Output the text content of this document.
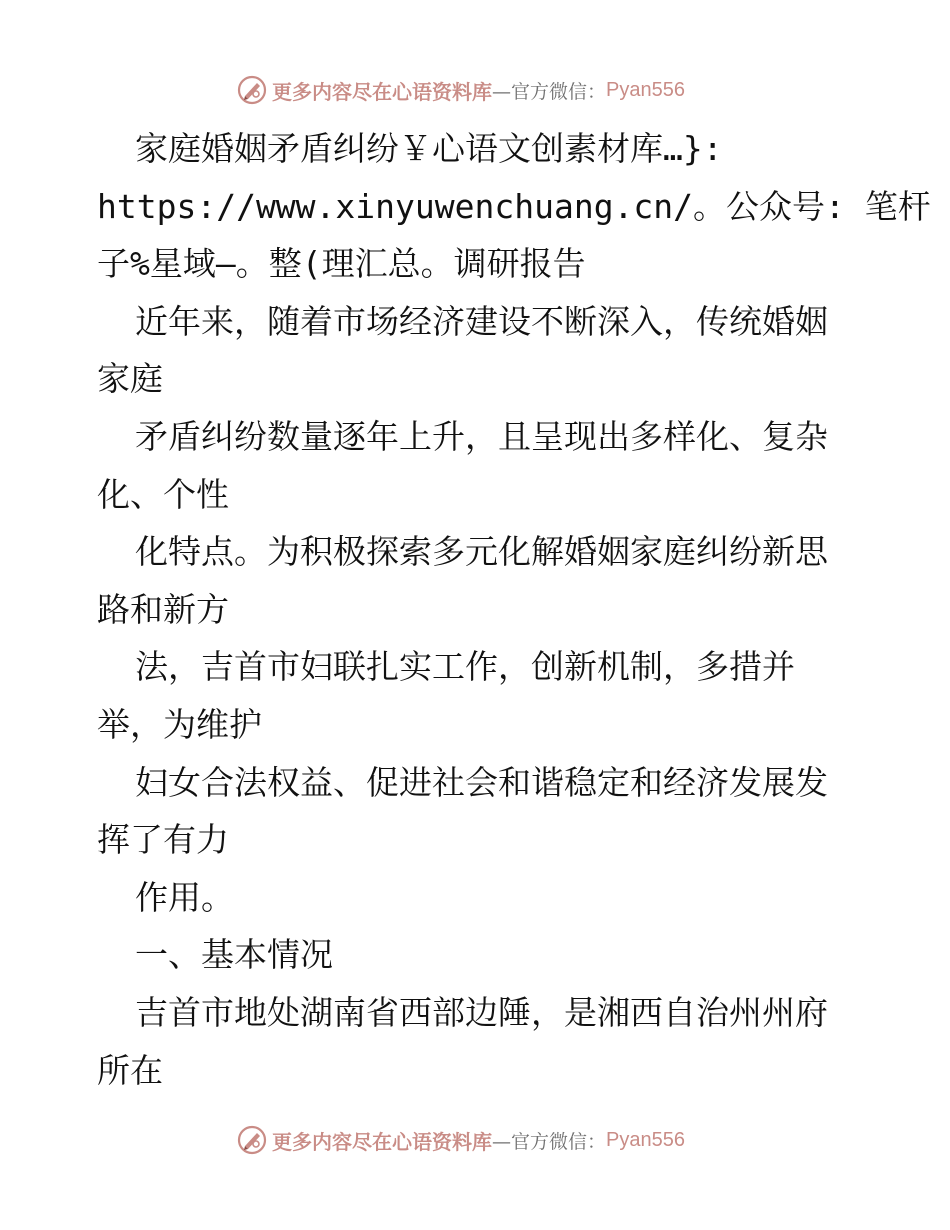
更多内容尽在心语资料库 —官方微信： Pyan556
家庭婚姻矛盾纠纷￥心语文创素材库…}:
https://www.xinyuwenchuang.cn/。公众号: 笔杆
子%星域—。整(理汇总。调研报告
近年来，随着市场经济建设不断深入，传统婚姻
家庭
矛盾纠纷数量逐年上升，且呈现出多样化、复杂
化、个性
化特点。为积极探索多元化解婚姻家庭纠纷新思
路和新方
法，吉首市妇联扎实工作，创新机制，多措并
举，为维护
妇女合法权益、促进社会和谐稳定和经济发展发
挥了有力
作用。
一、基本情况
吉首市地处湖南省西部边陲，是湘西自治州州府
所在
更多内容尽在心语资料库 —官方微信： Pyan556
